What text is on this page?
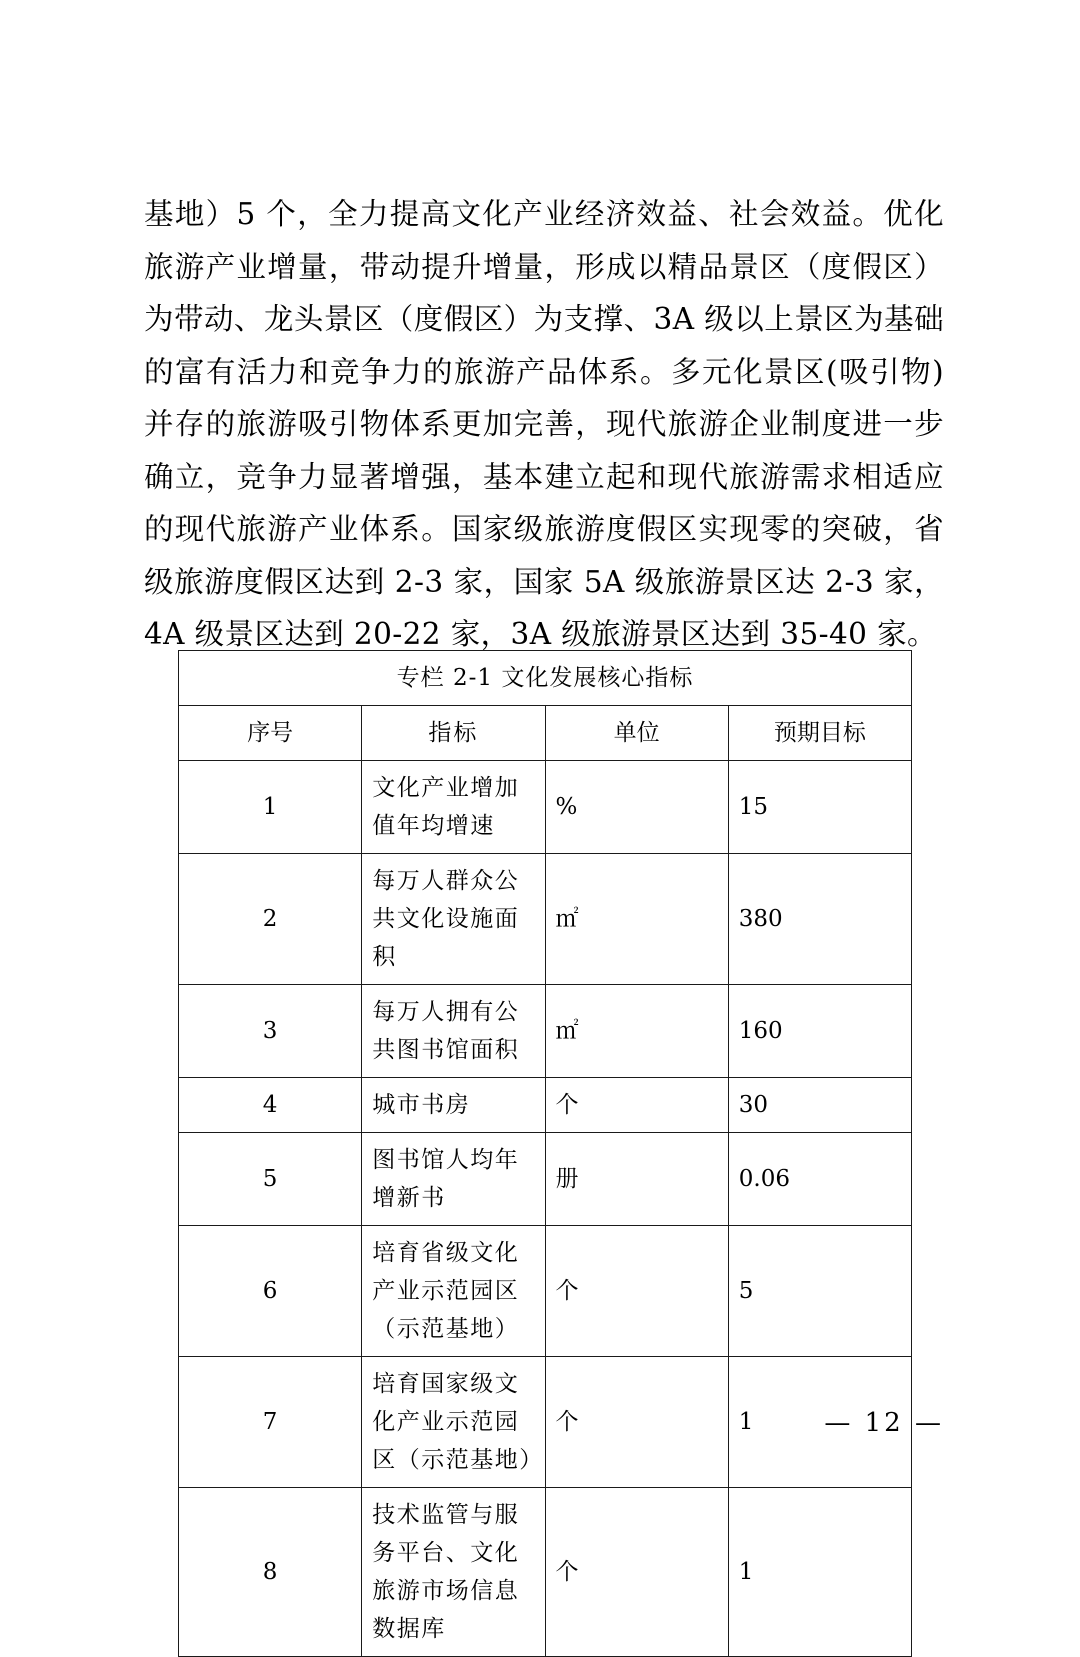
基地）5 个，全力提高文化产业经济效益、社会效益。优化旅游产业增量，带动提升增量，形成以精品景区（度假区）为带动、龙头景区（度假区）为支撑、3A 级以上景区为基础的富有活力和竞争力的旅游产品体系。多元化景区(吸引物)并存的旅游吸引物体系更加完善，现代旅游企业制度进一步确立，竞争力显著增强，基本建立起和现代旅游需求相适应的现代旅游产业体系。国家级旅游度假区实现零的突破，省级旅游度假区达到 2-3 家，国家 5A 级旅游景区达 2-3 家，4A 级景区达到 20-22 家，3A 级旅游景区达到 35-40 家。

专栏 2-1 文化发展核心指标			
序号	指标	单位	预期目标
1	文化产业增加值年均增速	%	15
2	每万人群众公共文化设施面积	㎡	380
3	每万人拥有公共图书馆面积	㎡	160
4	城市书房	个	30
5	图书馆人均年增新书	册	0.06
6	培育省级文化产业示范园区（示范基地）	个	5
7	培育国家级文化产业示范园区（示范基地）	个	1
8	技术监管与服务平台、文化旅游市场信息数据库	个	1
— 12 —
